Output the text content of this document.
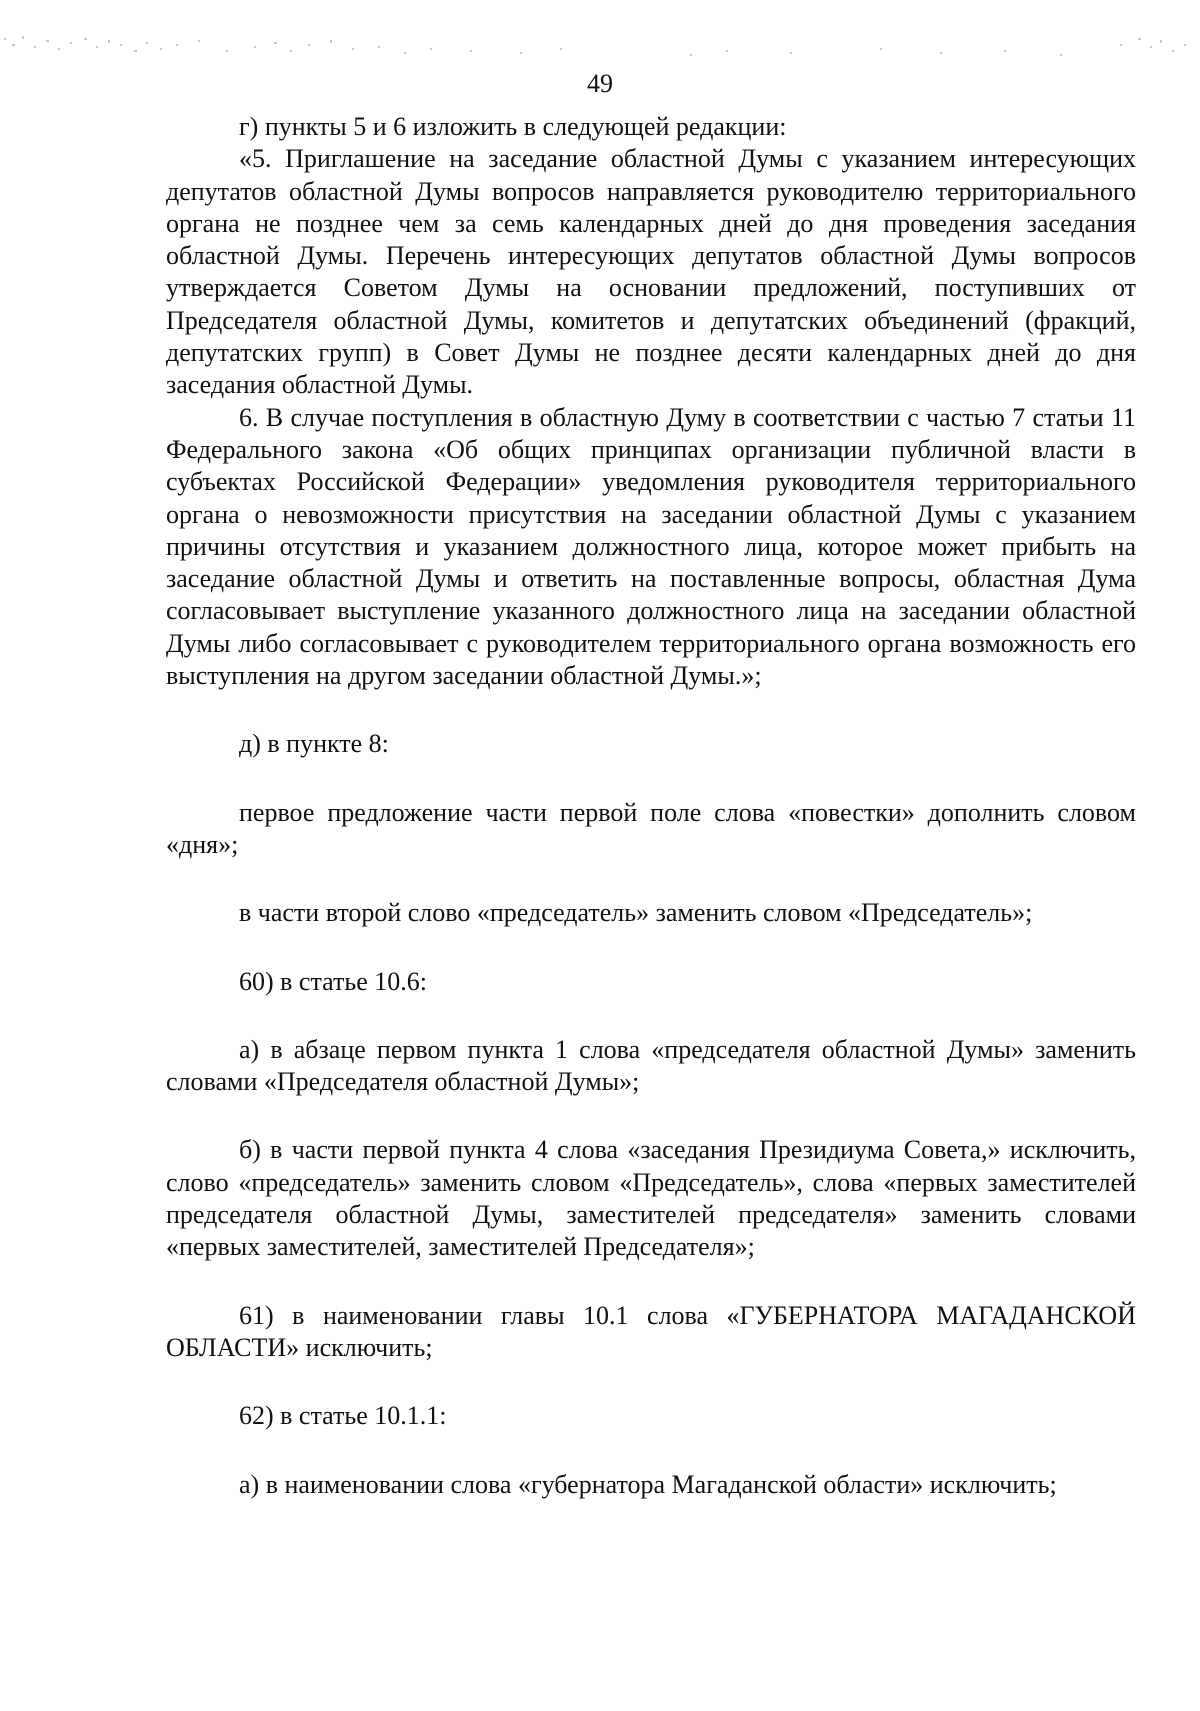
49

г) пункты 5 и 6 изложить в следующей редакции:

«5. Приглашение на заседание областной Думы с указанием интересующих депутатов областной Думы вопросов направляется руководителю территориального органа не позднее чем за семь календарных дней до дня проведения заседания областной Думы. Перечень интересующих депутатов областной Думы вопросов утверждается Советом Думы на основании предложений, поступивших от Председателя областной Думы, комитетов и депутатских объединений (фракций, депутатских групп) в Совет Думы не позднее десяти календарных дней до дня заседания областной Думы.

6. В случае поступления в областную Думу в соответствии с частью 7 статьи 11 Федерального закона «Об общих принципах организации публичной власти в субъектах Российской Федерации» уведомления руководителя территориального органа о невозможности присутствия на заседании областной Думы с указанием причины отсутствия и указанием должностного лица, которое может прибыть на заседание областной Думы и ответить на поставленные вопросы, областная Дума согласовывает выступление указанного должностного лица на заседании областной Думы либо согласовывает с руководителем территориального органа возможность его выступления на другом заседании областной Думы.»;

д) в пункте 8:

первое предложение части первой поле слова «повестки» дополнить словом «дня»;

в части второй слово «председатель» заменить словом «Председатель»;

60) в статье 10.6:

а) в абзаце первом пункта 1 слова «председателя областной Думы» заменить словами «Председателя областной Думы»;

б) в части первой пункта 4 слова «заседания Президиума Совета,» исключить, слово «председатель» заменить словом «Председатель», слова «первых заместителей председателя областной Думы, заместителей председателя» заменить словами «первых заместителей, заместителей Председателя»;

61) в наименовании главы 10.1 слова «ГУБЕРНАТОРА МАГАДАНСКОЙ ОБЛАСТИ» исключить;

62) в статье 10.1.1:

а) в наименовании слова «губернатора Магаданской области» исключить;
